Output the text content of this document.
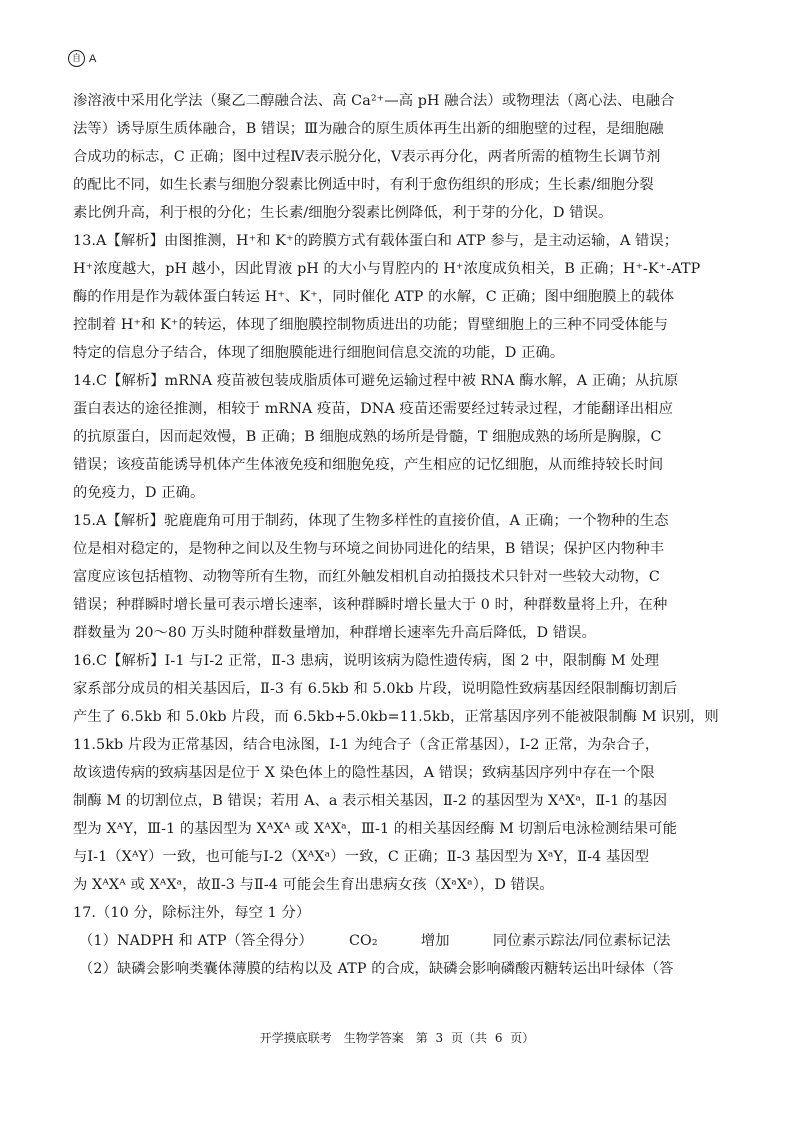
自 A
渗溶液中采用化学法（聚乙二醇融合法、高 Ca²⁺—高 pH 融合法）或物理法（离心法、电融合
法等）诱导原生质体融合，B 错误；Ⅲ为融合的原生质体再生出新的细胞壁的过程，是细胞融
合成功的标志，C 正确；图中过程Ⅳ表示脱分化，Ⅴ表示再分化，两者所需的植物生长调节剂
的配比不同，如生长素与细胞分裂素比例适中时，有利于愈伤组织的形成；生长素/细胞分裂
素比例升高，利于根的分化；生长素/细胞分裂素比例降低，利于芽的分化，D 错误。
13.A【解析】由图推测，H⁺和 K⁺的跨膜方式有载体蛋白和 ATP 参与，是主动运输，A 错误；
H⁺浓度越大，pH 越小，因此胃液 pH 的大小与胃腔内的 H⁺浓度成负相关，B 正确；H⁺-K⁺-ATP
酶的作用是作为载体蛋白转运 H⁺、K⁺，同时催化 ATP 的水解，C 正确；图中细胞膜上的载体
控制着 H⁺和 K⁺的转运，体现了细胞膜控制物质进出的功能；胃壁细胞上的三种不同受体能与
特定的信息分子结合，体现了细胞膜能进行细胞间信息交流的功能，D 正确。
14.C【解析】mRNA 疫苗被包装成脂质体可避免运输过程中被 RNA 酶水解，A 正确；从抗原
蛋白表达的途径推测，相较于 mRNA 疫苗，DNA 疫苗还需要经过转录过程，才能翻译出相应
的抗原蛋白，因而起效慢，B 正确；B 细胞成熟的场所是骨髓，T 细胞成熟的场所是胸腺，C
错误；该疫苗能诱导机体产生体液免疫和细胞免疫，产生相应的记忆细胞，从而维持较长时间
的免疫力，D 正确。
15.A【解析】驼鹿鹿角可用于制药，体现了生物多样性的直接价值，A 正确；一个物种的生态
位是相对稳定的，是物种之间以及生物与环境之间协同进化的结果，B 错误；保护区内物种丰
富度应该包括植物、动物等所有生物，而红外触发相机自动拍摄技术只针对一些较大动物，C
错误；种群瞬时增长量可表示增长速率，该种群瞬时增长量大于 0 时，种群数量将上升，在种
群数量为 20～80 万头时随种群数量增加，种群增长速率先升高后降低，D 错误。
16.C【解析】Ⅰ-1 与Ⅰ-2 正常，Ⅱ-3 患病，说明该病为隐性遗传病，图 2 中，限制酶 M 处理
家系部分成员的相关基因后，Ⅱ-3 有 6.5kb 和 5.0kb 片段，说明隐性致病基因经限制酶切割后
产生了 6.5kb 和 5.0kb 片段，而 6.5kb+5.0kb=11.5kb，正常基因序列不能被限制酶 M 识别，则
11.5kb 片段为正常基因，结合电泳图，Ⅰ-1 为纯合子（含正常基因），Ⅰ-2 正常，为杂合子，
故该遗传病的致病基因是位于 X 染色体上的隐性基因，A 错误；致病基因序列中存在一个限
制酶 M 的切割位点，B 错误；若用 A、a 表示相关基因，Ⅱ-2 的基因型为 XᴬXᵃ，Ⅱ-1 的基因
型为 XᴬY，Ⅲ-1 的基因型为 XᴬXᴬ 或 XᴬXᵃ，Ⅲ-1 的相关基因经酶 M 切割后电泳检测结果可能
与Ⅰ-1（XᴬY）一致，也可能与Ⅰ-2（XᴬXᵃ）一致，C 正确；Ⅱ-3 基因型为 XᵃY，Ⅱ-4 基因型
为 XᴬXᴬ 或 XᴬXᵃ，故Ⅱ-3 与Ⅱ-4 可能会生育出患病女孩（XᵃXᵃ），D 错误。
17.（10 分，除标注外，每空 1 分）
（1）NADPH 和 ATP（答全得分）　　　CO₂　　　增加　　　同位素示踪法/同位素标记法
（2）缺磷会影响类囊体薄膜的结构以及 ATP 的合成，缺磷会影响磷酸丙糖转运出叶绿体（答
开学摸底联考　生物学答案　第 3 页（共 6 页）
